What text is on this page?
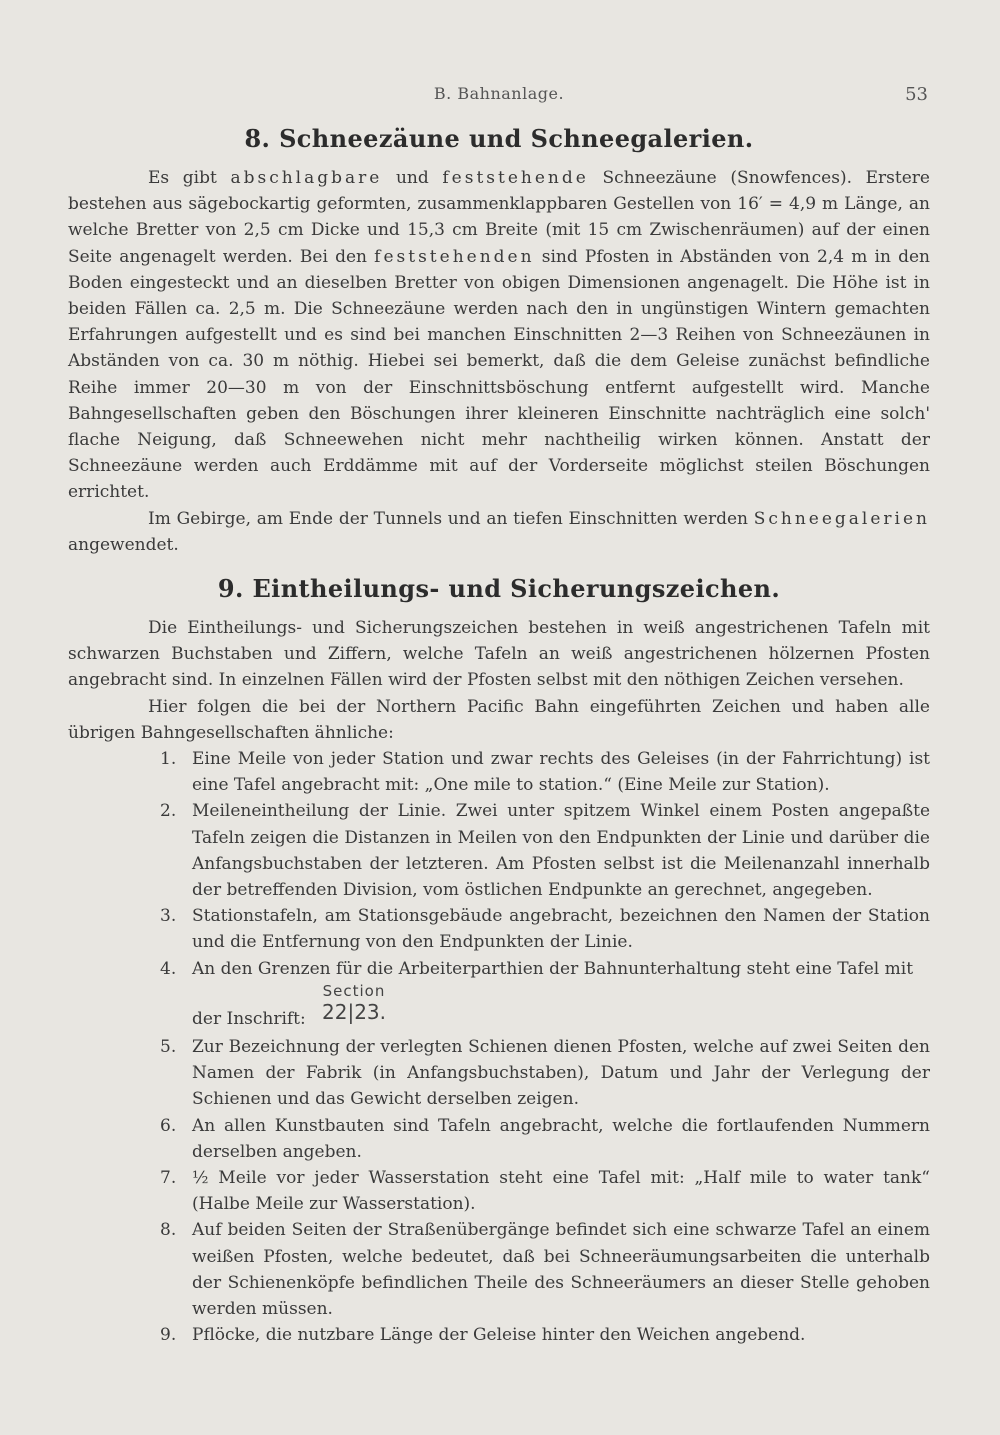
B. Bahnanlage.	53
8. Schneezäune und Schneegalerien.

Es gibt abschlagbare und feststehende Schneezäune (Snowfences). Erstere bestehen aus sägebockartig geformten, zusammenklappbaren Gestellen von 16′ = 4,9 m Länge, an welche Bretter von 2,5 cm Dicke und 15,3 cm Breite (mit 15 cm Zwischenräumen) auf der einen Seite angenagelt werden. Bei den feststehenden sind Pfosten in Abständen von 2,4 m in den Boden eingesteckt und an dieselben Bretter von obigen Dimensionen angenagelt. Die Höhe ist in beiden Fällen ca. 2,5 m. Die Schneezäune werden nach den in ungünstigen Wintern gemachten Erfahrungen aufgestellt und es sind bei manchen Einschnitten 2—3 Reihen von Schneezäunen in Abständen von ca. 30 m nöthig. Hiebei sei bemerkt, daß die dem Geleise zunächst befindliche Reihe immer 20—30 m von der Einschnittsböschung entfernt aufgestellt wird. Manche Bahngesellschaften geben den Böschungen ihrer kleineren Einschnitte nachträglich eine solch' flache Neigung, daß Schneewehen nicht mehr nachtheilig wirken können. Anstatt der Schneezäune werden auch Erddämme mit auf der Vorderseite möglichst steilen Böschungen errichtet.

Im Gebirge, am Ende der Tunnels und an tiefen Einschnitten werden Schneegalerien angewendet.

9. Eintheilungs- und Sicherungszeichen.

Die Eintheilungs- und Sicherungszeichen bestehen in weiß angestrichenen Tafeln mit schwarzen Buchstaben und Ziffern, welche Tafeln an weiß angestrichenen hölzernen Pfosten angebracht sind. In einzelnen Fällen wird der Pfosten selbst mit den nöthigen Zeichen versehen.

Hier folgen die bei der Northern Pacific Bahn eingeführten Zeichen und haben alle übrigen Bahngesellschaften ähnliche:

1. Eine Meile von jeder Station und zwar rechts des Geleises (in der Fahrrichtung) ist eine Tafel angebracht mit: „One mile to station.“ (Eine Meile zur Station).
2. Meileneintheilung der Linie. Zwei unter spitzem Winkel einem Posten angepaßte Tafeln zeigen die Distanzen in Meilen von den Endpunkten der Linie und darüber die Anfangsbuchstaben der letzteren. Am Pfosten selbst ist die Meilenanzahl innerhalb der betreffenden Division, vom östlichen Endpunkte an gerechnet, angegeben.
3. Stationstafeln, am Stationsgebäude angebracht, bezeichnen den Namen der Station und die Entfernung von den Endpunkten der Linie.
4. An den Grenzen für die Arbeiterparthien der Bahnunterhaltung steht eine Tafel mit
der Inschrift:
Section
22|23.
5. Zur Bezeichnung der verlegten Schienen dienen Pfosten, welche auf zwei Seiten den Namen der Fabrik (in Anfangsbuchstaben), Datum und Jahr der Verlegung der Schienen und das Gewicht derselben zeigen.
6. An allen Kunstbauten sind Tafeln angebracht, welche die fortlaufenden Nummern derselben angeben.
7. ½ Meile vor jeder Wasserstation steht eine Tafel mit: „Half mile to water tank“ (Halbe Meile zur Wasserstation).
8. Auf beiden Seiten der Straßenübergänge befindet sich eine schwarze Tafel an einem weißen Pfosten, welche bedeutet, daß bei Schneeräumungsarbeiten die unterhalb der Schienenköpfe befindlichen Theile des Schneeräumers an dieser Stelle gehoben werden müssen.
9. Pflöcke, die nutzbare Länge der Geleise hinter den Weichen angebend.
